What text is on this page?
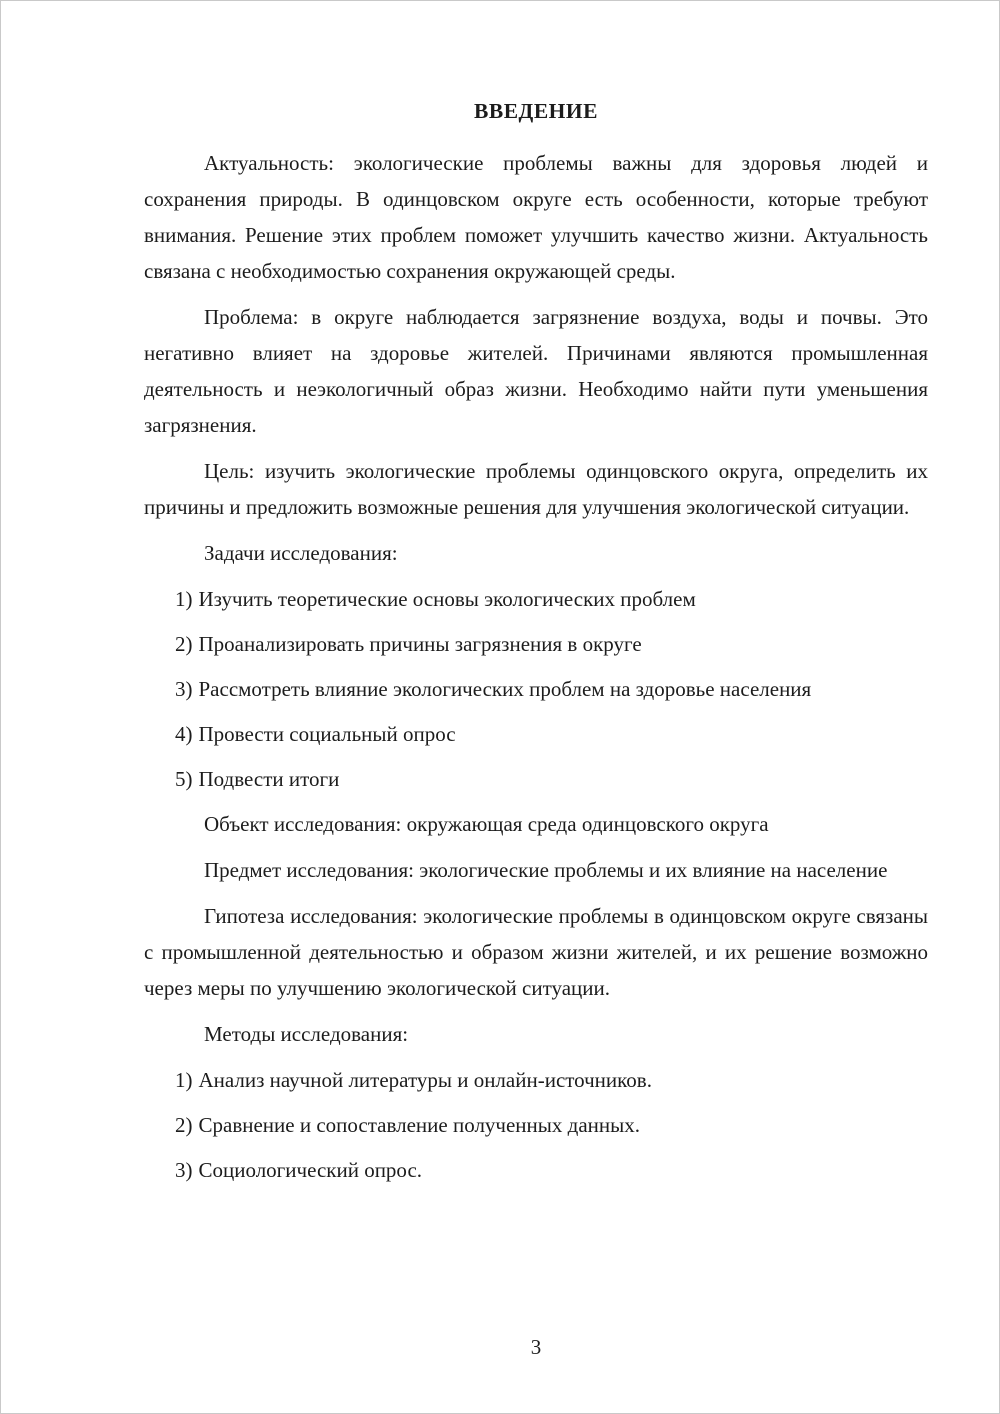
ВВЕДЕНИЕ

Актуальность: экологические проблемы важны для здоровья людей и сохранения природы. В одинцовском округе есть особенности, которые требуют внимания. Решение этих проблем поможет улучшить качество жизни. Актуальность связана с необходимостью сохранения окружающей среды.

Проблема: в округе наблюдается загрязнение воздуха, воды и почвы. Это негативно влияет на здоровье жителей. Причинами являются промышленная деятельность и неэкологичный образ жизни. Необходимо найти пути уменьшения загрязнения.

Цель: изучить экологические проблемы одинцовского округа, определить их причины и предложить возможные решения для улучшения экологической ситуации.

Задачи исследования:

1) Изучить теоретические основы экологических проблем

2) Проанализировать причины загрязнения в округе

3) Рассмотреть влияние экологических проблем на здоровье населения

4) Провести социальный опрос

5) Подвести итоги

Объект исследования: окружающая среда одинцовского округа

Предмет исследования: экологические проблемы и их влияние на население

Гипотеза исследования: экологические проблемы в одинцовском округе связаны с промышленной деятельностью и образом жизни жителей, и их решение возможно через меры по улучшению экологической ситуации.

Методы исследования:

1) Анализ научной литературы и онлайн-источников.

2) Сравнение и сопоставление полученных данных.

3) Социологический опрос.

3
